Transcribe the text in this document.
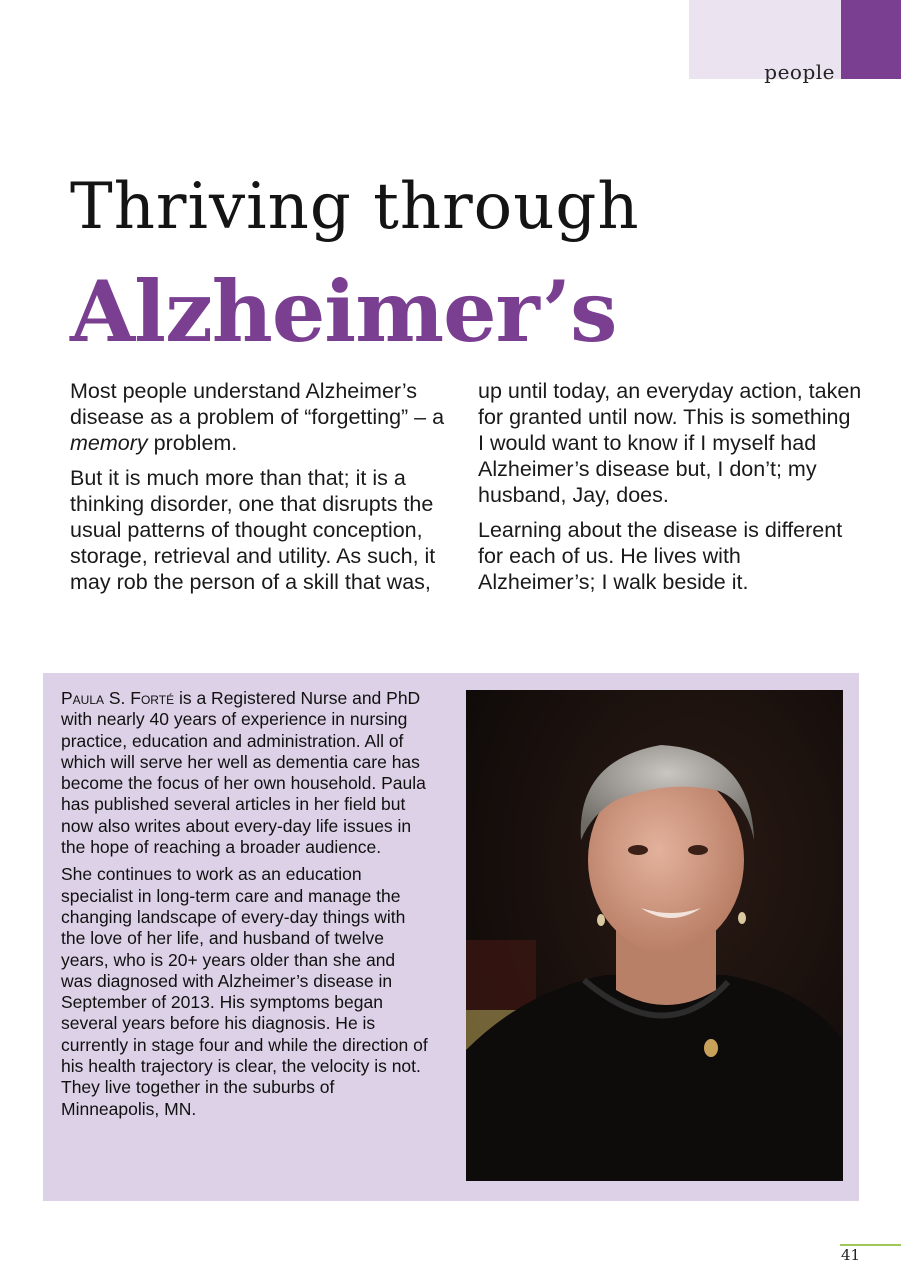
people
Thriving through
Alzheimer’s

Most people understand Alzheimer’s disease as a problem of “forgetting” – a memory problem.

But it is much more than that; it is a thinking disorder, one that disrupts the usual patterns of thought conception, storage, retrieval and utility. As such, it may rob the person of a skill that was,

up until today, an everyday action, taken for granted until now. This is something I would want to know if I myself had Alzheimer’s disease but, I don’t; my husband, Jay, does.

Learning about the disease is different for each of us. He lives with Alzheimer’s; I walk beside it.

Paula S. Forté is a Registered Nurse and PhD with nearly 40 years of experience in nursing practice, education and administration. All of which will serve her well as dementia care has become the focus of her own household. Paula has published several articles in her field but now also writes about every-day life issues in the hope of reaching a broader audience.

She continues to work as an education specialist in long-term care and manage the changing landscape of every-day things with the love of her life, and husband of twelve years, who is 20+ years older than she and was diagnosed with Alzheimer’s disease in September of 2013. His symptoms began several years before his diagnosis. He is currently in stage four and while the direction of his health trajectory is clear, the velocity is not. They live together in the suburbs of Minneapolis, MN.

41
